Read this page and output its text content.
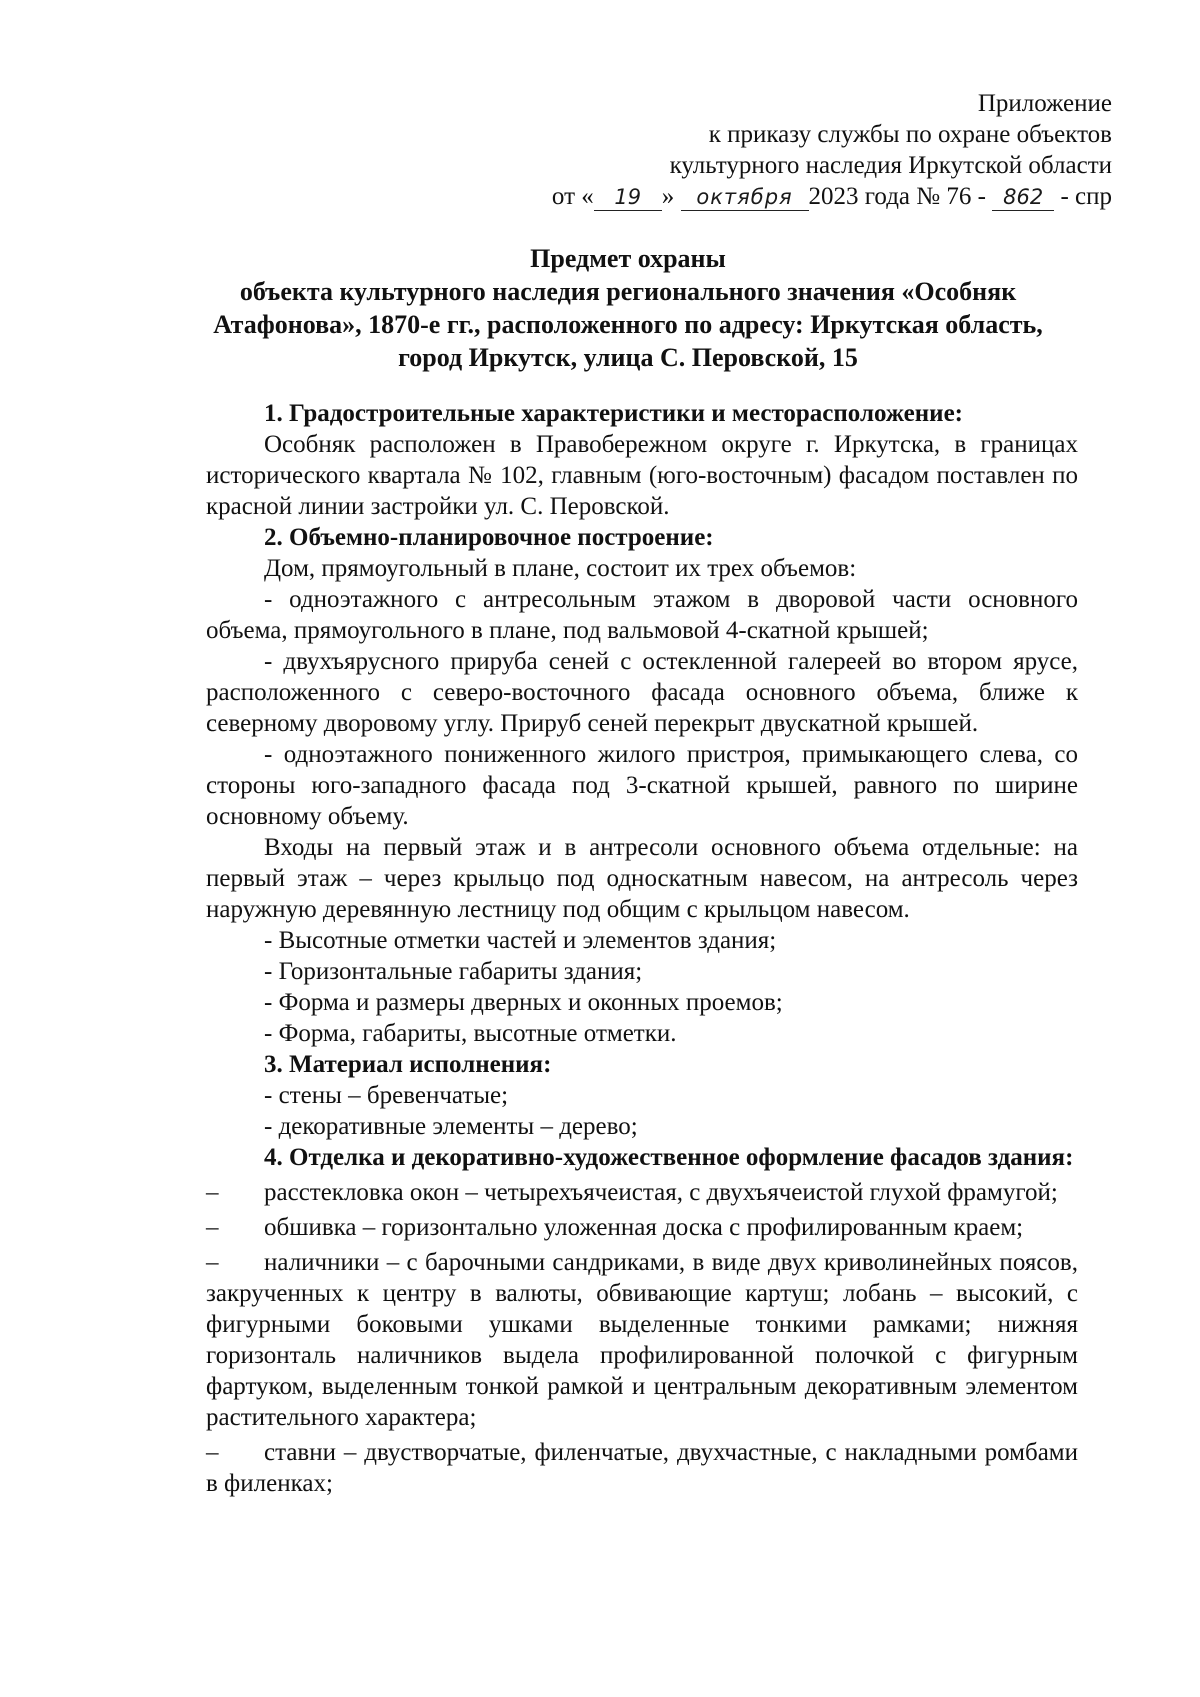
Приложение
к приказу службы по охране объектов
культурного наследия Иркутской области
от « 19 » октября 2023 года № 76 - 862 - спр
Предмет охраны
объекта культурного наследия регионального значения «Особняк
Атафонова», 1870-е гг., расположенного по адресу: Иркутская область,
город Иркутск, улица С. Перовской, 15

1. Градостроительные характеристики и месторасположение:

Особняк расположен в Правобережном округе г. Иркутска, в границах исторического квартала № 102, главным (юго-восточным) фасадом поставлен по красной линии застройки ул. С. Перовской.

2. Объемно-планировочное построение:

Дом, прямоугольный в плане, состоит их трех объемов:

- одноэтажного с антресольным этажом в дворовой части основного объема, прямоугольного в плане, под вальмовой 4-скатной крышей;

- двухъярусного прируба сеней с остекленной галереей во втором ярусе, расположенного с северо-восточного фасада основного объема, ближе к северному дворовому углу. Прируб сеней перекрыт двускатной крышей.

- одноэтажного пониженного жилого пристроя, примыкающего слева, со стороны юго-западного фасада под 3-скатной крышей, равного по ширине основному объему.

Входы на первый этаж и в антресоли основного объема отдельные: на первый этаж – через крыльцо под односкатным навесом, на антресоль через наружную деревянную лестницу под общим с крыльцом навесом.

- Высотные отметки частей и элементов здания;

- Горизонтальные габариты здания;

- Форма и размеры дверных и оконных проемов;

- Форма, габариты, высотные отметки.

3. Материал исполнения:

- стены – бревенчатые;

- декоративные элементы – дерево;

4. Отделка и декоративно-художественное оформление фасадов здания:

– расстекловка окон – четырехъячеистая, с двухъячеистой глухой фрамугой;
– обшивка – горизонтально уложенная доска с профилированным краем;
– наличники – с барочными сандриками, в виде двух криволинейных поясов, закрученных к центру в валюты, обвивающие картуш; лобань – высокий, с фигурными боковыми ушками выделенные тонкими рамками; нижняя горизонталь наличников выдела профилированной полочкой с фигурным фартуком, выделенным тонкой рамкой и центральным декоративным элементом растительного характера;
– ставни – двустворчатые, филенчатые, двухчастные, с накладными ромбами в филенках;
